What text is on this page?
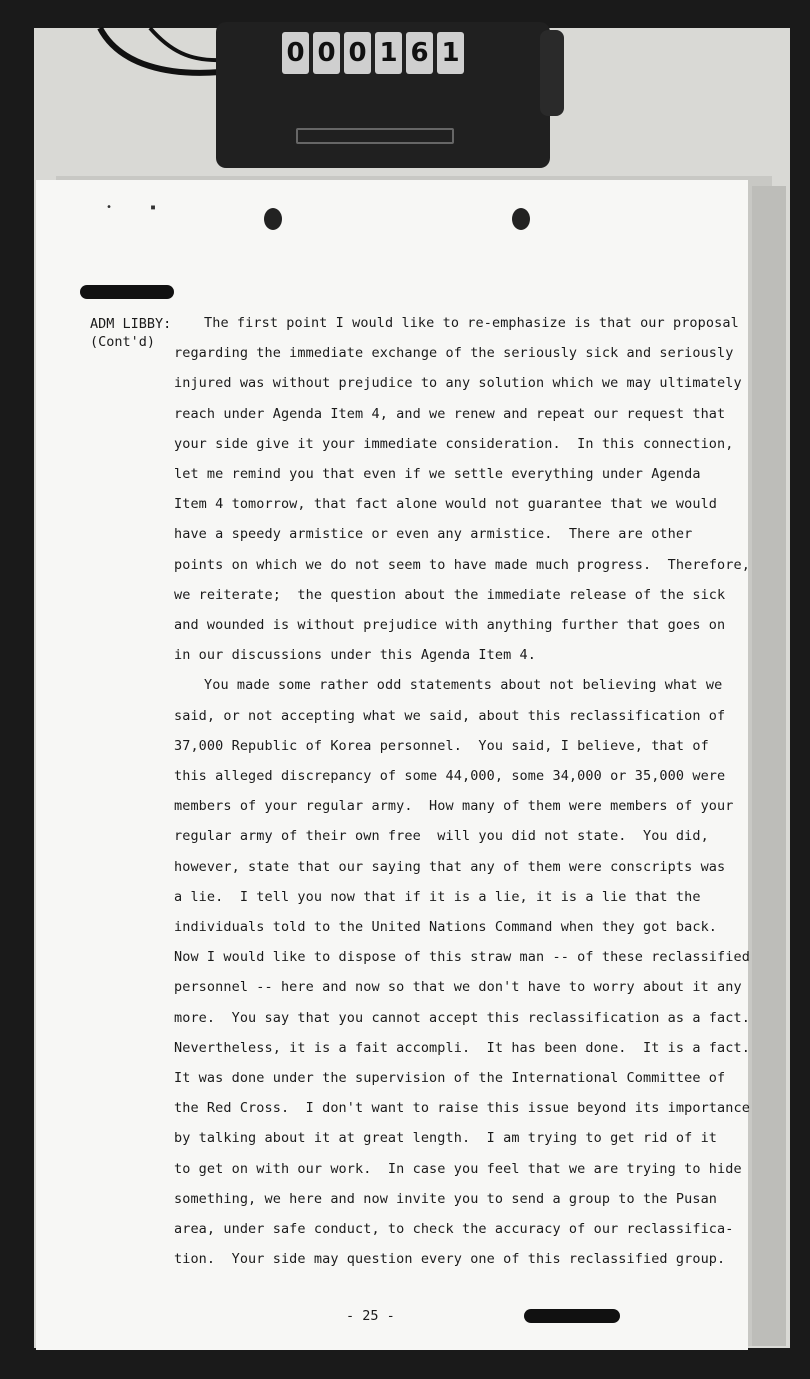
0 0 0 1 6 1
•	▪
ADM LIBBY:
(Cont'd)
The first point I would like to re-emphasize is that our proposal
regarding the immediate exchange of the seriously sick and seriously
injured was without prejudice to any solution which we may ultimately
reach under Agenda Item 4, and we renew and repeat our request that
your side give it your immediate consideration.  In this connection,
let me remind you that even if we settle everything under Agenda
Item 4 tomorrow, that fact alone would not guarantee that we would
have a speedy armistice or even any armistice.  There are other
points on which we do not seem to have made much progress.  Therefore,
we reiterate;  the question about the immediate release of the sick
and wounded is without prejudice with anything further that goes on
in our discussions under this Agenda Item 4.
You made some rather odd statements about not believing what we
said, or not accepting what we said, about this reclassification of
37,000 Republic of Korea personnel.  You said, I believe, that of
this alleged discrepancy of some 44,000, some 34,000 or 35,000 were
members of your regular army.  How many of them were members of your
regular army of their own free  will you did not state.  You did,
however, state that our saying that any of them were conscripts was
a lie.  I tell you now that if it is a lie, it is a lie that the
individuals told to the United Nations Command when they got back.
Now I would like to dispose of this straw man -- of these reclassified
personnel -- here and now so that we don't have to worry about it any
more.  You say that you cannot accept this reclassification as a fact.
Nevertheless, it is a fait accompli.  It has been done.  It is a fact.
It was done under the supervision of the International Committee of
the Red Cross.  I don't want to raise this issue beyond its importance
by talking about it at great length.  I am trying to get rid of it
to get on with our work.  In case you feel that we are trying to hide
something, we here and now invite you to send a group to the Pusan
area, under safe conduct, to check the accuracy of our reclassifica-
tion.  Your side may question every one of this reclassified group.
- 25 -
